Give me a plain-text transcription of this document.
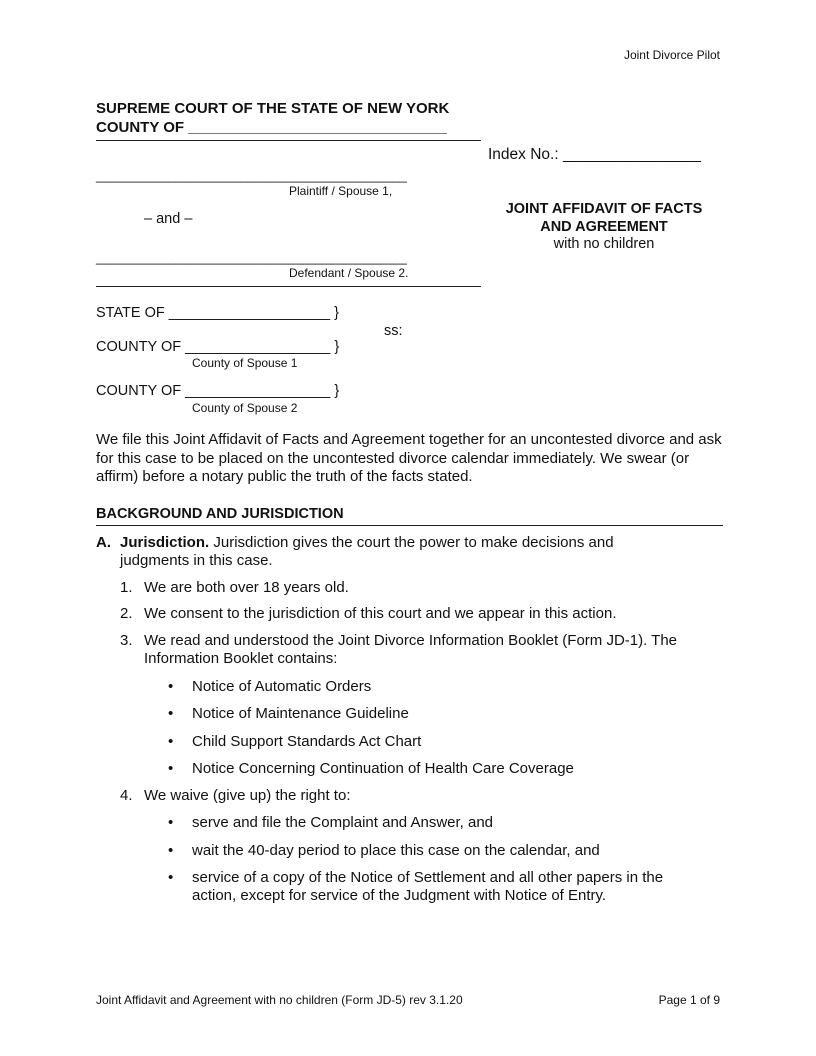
Joint Divorce Pilot
SUPREME COURT OF THE STATE OF NEW YORK
COUNTY OF _______________________________
Index No.: ________________
___________________________________________
Plaintiff / Spouse 1,
– and –
___________________________________________
Defendant / Spouse 2.
JOINT AFFIDAVIT OF FACTS
AND AGREEMENT
with no children
STATE OF ____________________ }
ss:
COUNTY OF __________________ }
County of Spouse 1
COUNTY OF __________________ }
County of Spouse 2
We file this Joint Affidavit of Facts and Agreement together for an uncontested divorce and ask for this case to be placed on the uncontested divorce calendar immediately. We swear (or affirm) before a notary public the truth of the facts stated.
BACKGROUND AND JURISDICTION
A. Jurisdiction. Jurisdiction gives the court the power to make decisions and
judgments in this case.
1. We are both over 18 years old.
2. We consent to the jurisdiction of this court and we appear in this action.
3. We read and understood the Joint Divorce Information Booklet (Form JD-1). The
Information Booklet contains:
• Notice of Automatic Orders
• Notice of Maintenance Guideline
• Child Support Standards Act Chart
• Notice Concerning Continuation of Health Care Coverage
4. We waive (give up) the right to:
• serve and file the Complaint and Answer, and
• wait the 40-day period to place this case on the calendar, and
• service of a copy of the Notice of Settlement and all other papers in the
action, except for service of the Judgment with Notice of Entry.
Joint Affidavit and Agreement with no children (Form JD-5) rev 3.1.20	Page 1 of 9
